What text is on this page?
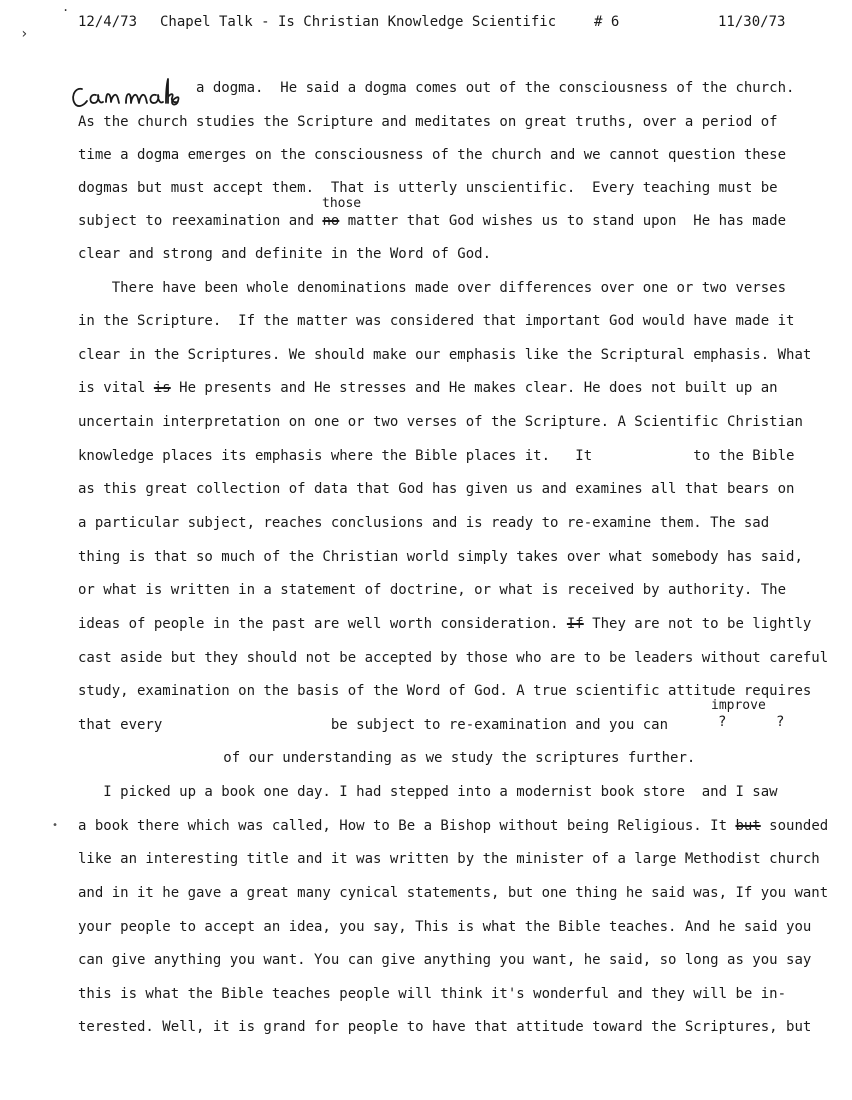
.
›
12/4/73 Chapel Talk - Is Christian Knowledge Scientific	# 6	11/30/73
Can make
a dogma.  He said a dogma comes out of the consciousness of the church.
As the church studies the Scripture and meditates on great truths, over a period of
time a dogma emerges on the consciousness of the church and we cannot question these
dogmas but must accept them.  That is utterly unscientific.  Every teaching must be
those
subject to reexamination and no matter that God wishes us to stand upon  He has made
clear and strong and definite in the Word of God.
There have been whole denominations made over differences over one or two verses
in the Scripture.  If the matter was considered that important God would have made it
clear in the Scriptures. We should make our emphasis like the Scriptural emphasis. What
is vital is He presents and He stresses and He makes clear. He does not built up an
uncertain interpretation on one or two verses of the Scripture. A Scientific Christian
knowledge places its emphasis where the Bible places it.   It            to the Bible
as this great collection of data that God has given us and examines all that bears on
a particular subject, reaches conclusions and is ready to re-examine them. The sad
thing is that so much of the Christian world simply takes over what somebody has said,
or what is written in a statement of doctrine, or what is received by authority. The
ideas of people in the past are well worth consideration. If They are not to be lightly
cast aside but they should not be accepted by those who are to be leaders without careful
study, examination on the basis of the Word of God. A true scientific attitude requires
improve
that every                    be subject to re-examination and you can	?	?
of our understanding as we study the scriptures further.
I picked up a book one day. I had stepped into a modernist book store  and I saw
• a book there which was called, How to Be a Bishop without being Religious. It but sounded
like an interesting title and it was written by the minister of a large Methodist church
and in it he gave a great many cynical statements, but one thing he said was, If you want
your people to accept an idea, you say, This is what the Bible teaches. And he said you
can give anything you want. You can give anything you want, he said, so long as you say
this is what the Bible teaches people will think it's wonderful and they will be in-
terested. Well, it is grand for people to have that attitude toward the Scriptures, but
